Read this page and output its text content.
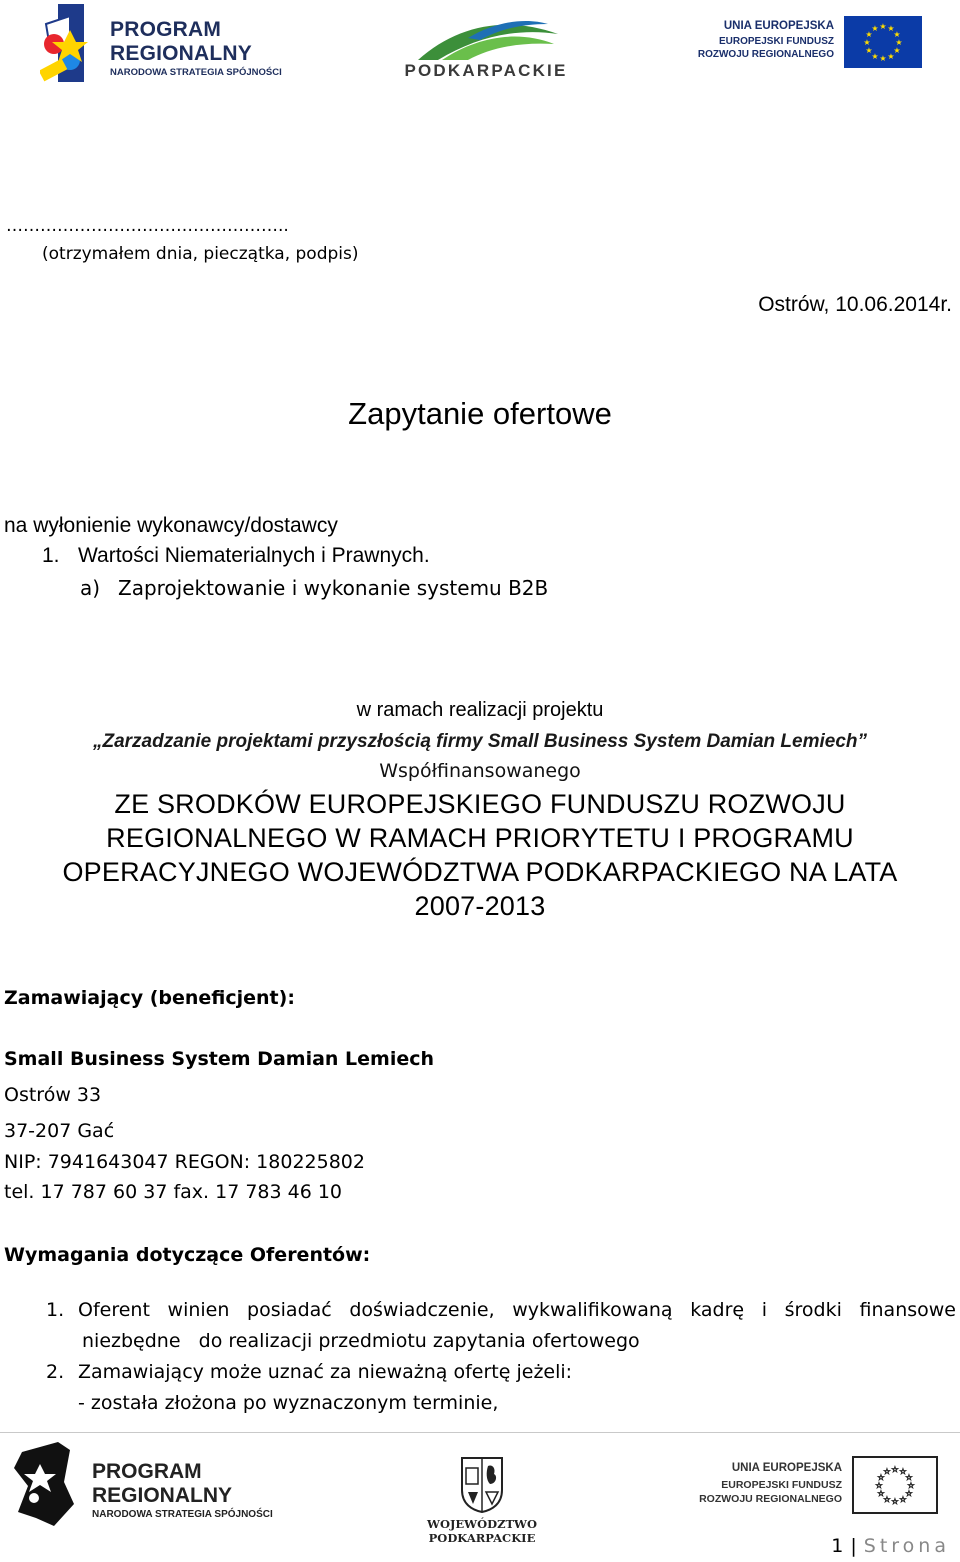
PROGRAM
REGIONALNY
NARODOWA STRATEGIA SPÓJNOŚCI	PODKARPACKIE
UNIA EUROPEJSKA
EUROPEJSKI FUNDUSZ
ROZWOJU REGIONALNEGO
★ ★
★
★
★
★
★
★
★
★
★
★
…………………………………………..
(otrzymałem dnia, pieczątka, podpis)
Ostrów, 10.06.2014r.
Zapytanie ofertowe
na wyłonienie wykonawcy/dostawcy
1. Wartości Niematerialnych i Prawnych.
a) Zaprojektowanie i wykonanie systemu B2B
w ramach realizacji projektu
„Zarzadzanie projektami przyszłością firmy Small Business System Damian Lemiech”
Współfinansowanego
ZE SRODKÓW EUROPEJSKIEGO FUNDUSZU ROZWOJU
REGIONALNEGO W RAMACH PRIORYTETU I PROGRAMU
OPERACYJNEGO WOJEWÓDZTWA PODKARPACKIEGO NA LATA
2007-2013
Zamawiający (beneficjent):
Small Business System Damian Lemiech
Ostrów 33
37-207 Gać
NIP: 7941643047 REGON: 180225802
tel. 17 787 60 37 fax. 17 783 46 10
Wymagania dotyczące Oferentów:
1. Oferent winien posiadać doświadczenie, wykwalifikowaną kadrę i środki finansowe
niezbędne   do realizacji przedmiotu zapytania ofertowego
2. Zamawiający może uznać za nieważną ofertę jeżeli:
- została złożona po wyznaczonym terminie,
PROGRAM
REGIONALNY
NARODOWA STRATEGIA SPÓJNOŚCI
WOJEWÓDZTWO PODKARPACKIE
UNIA EUROPEJSKA
EUROPEJSKI FUNDUSZ
ROZWOJU REGIONALNEGO
☆ ☆
☆
☆
☆
☆
☆
☆
☆
☆
☆
☆
1 | Strona
